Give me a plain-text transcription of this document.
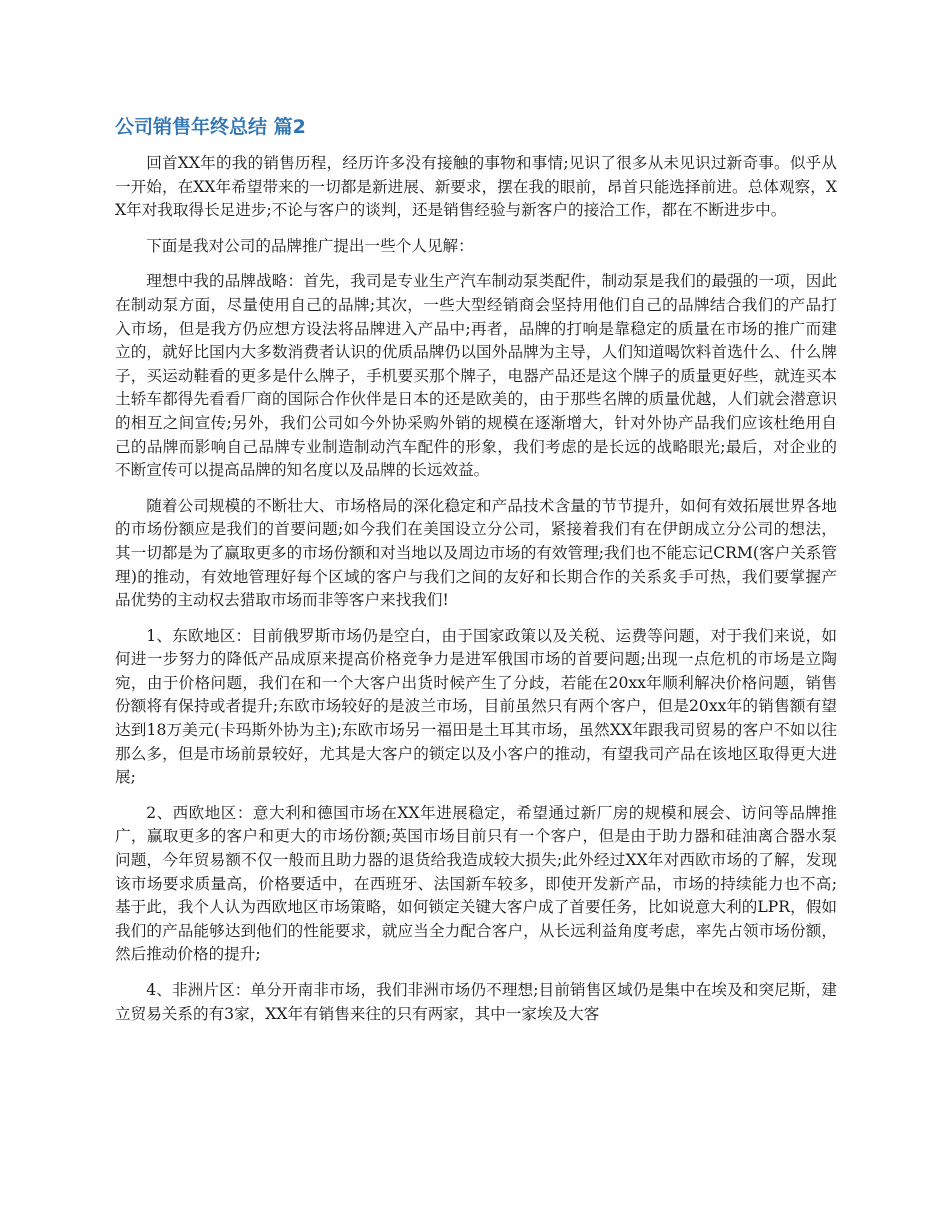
公司销售年终总结 篇2

回首XX年的我的销售历程，经历许多没有接触的事物和事情;见识了很多从未见识过新奇事。似乎从一开始，在XX年希望带来的一切都是新进展、新要求，摆在我的眼前，昂首只能选择前进。总体观察，XX年对我取得长足进步;不论与客户的谈判，还是销售经验与新客户的接洽工作，都在不断进步中。

下面是我对公司的品牌推广提出一些个人见解：

理想中我的品牌战略：首先，我司是专业生产汽车制动泵类配件，制动泵是我们的最强的一项，因此在制动泵方面，尽量使用自己的品牌;其次，一些大型经销商会坚持用他们自己的品牌结合我们的产品打入市场，但是我方仍应想方设法将品牌进入产品中;再者，品牌的打响是靠稳定的质量在市场的推广而建立的，就好比国内大多数消费者认识的优质品牌仍以国外品牌为主导，人们知道喝饮料首选什么、什么牌子，买运动鞋看的更多是什么牌子，手机要买那个牌子，电器产品还是这个牌子的质量更好些，就连买本土轿车都得先看看厂商的国际合作伙伴是日本的还是欧美的，由于那些名牌的质量优越，人们就会潜意识的相互之间宣传;另外，我们公司如今外协采购外销的规模在逐渐增大，针对外协产品我们应该杜绝用自己的品牌而影响自己品牌专业制造制动汽车配件的形象，我们考虑的是长远的战略眼光;最后，对企业的不断宣传可以提高品牌的知名度以及品牌的长远效益。

随着公司规模的不断壮大、市场格局的深化稳定和产品技术含量的节节提升，如何有效拓展世界各地的市场份额应是我们的首要问题;如今我们在美国设立分公司，紧接着我们有在伊朗成立分公司的想法，其一切都是为了赢取更多的市场份额和对当地以及周边市场的有效管理;我们也不能忘记CRM(客户关系管理)的推动，有效地管理好每个区域的客户与我们之间的友好和长期合作的关系炙手可热，我们要掌握产品优势的主动权去猎取市场而非等客户来找我们!

1、东欧地区：目前俄罗斯市场仍是空白，由于国家政策以及关税、运费等问题，对于我们来说，如何进一步努力的降低产品成原来提高价格竞争力是进军俄国市场的首要问题;出现一点危机的市场是立陶宛，由于价格问题，我们在和一个大客户出货时候产生了分歧，若能在20xx年顺利解决价格问题，销售份额将有保持或者提升;东欧市场较好的是波兰市场，目前虽然只有两个客户，但是20xx年的销售额有望达到18万美元(卡玛斯外协为主);东欧市场另一福田是土耳其市场，虽然XX年跟我司贸易的客户不如以往那么多，但是市场前景较好，尤其是大客户的锁定以及小客户的推动，有望我司产品在该地区取得更大进展;

2、西欧地区：意大利和德国市场在XX年进展稳定，希望通过新厂房的规模和展会、访问等品牌推广，赢取更多的客户和更大的市场份额;英国市场目前只有一个客户，但是由于助力器和硅油离合器水泵问题，今年贸易额不仅一般而且助力器的退货给我造成较大损失;此外经过XX年对西欧市场的了解，发现该市场要求质量高，价格要适中，在西班牙、法国新车较多，即使开发新产品，市场的持续能力也不高;基于此，我个人认为西欧地区市场策略，如何锁定关键大客户成了首要任务，比如说意大利的LPR，假如我们的产品能够达到他们的性能要求，就应当全力配合客户，从长远利益角度考虑，率先占领市场份额，然后推动价格的提升;

4、非洲片区：单分开南非市场，我们非洲市场仍不理想;目前销售区域仍是集中在埃及和突尼斯，建立贸易关系的有3家，XX年有销售来往的只有两家，其中一家埃及大客
